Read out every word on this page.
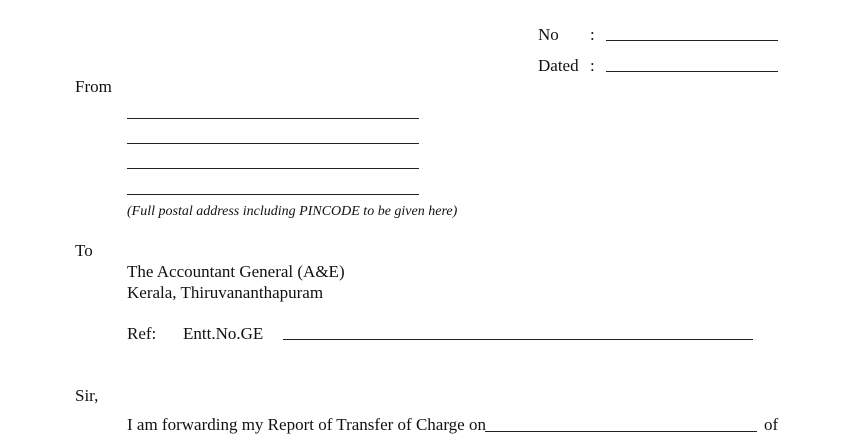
No :
Dated :
From
(Full postal address including PINCODE to be given here)
To
The Accountant General (A&E)
Kerala, Thiruvananthapuram
Ref: Entt.No.GE
Sir,
I am forwarding my Report of Transfer of Charge on	of
